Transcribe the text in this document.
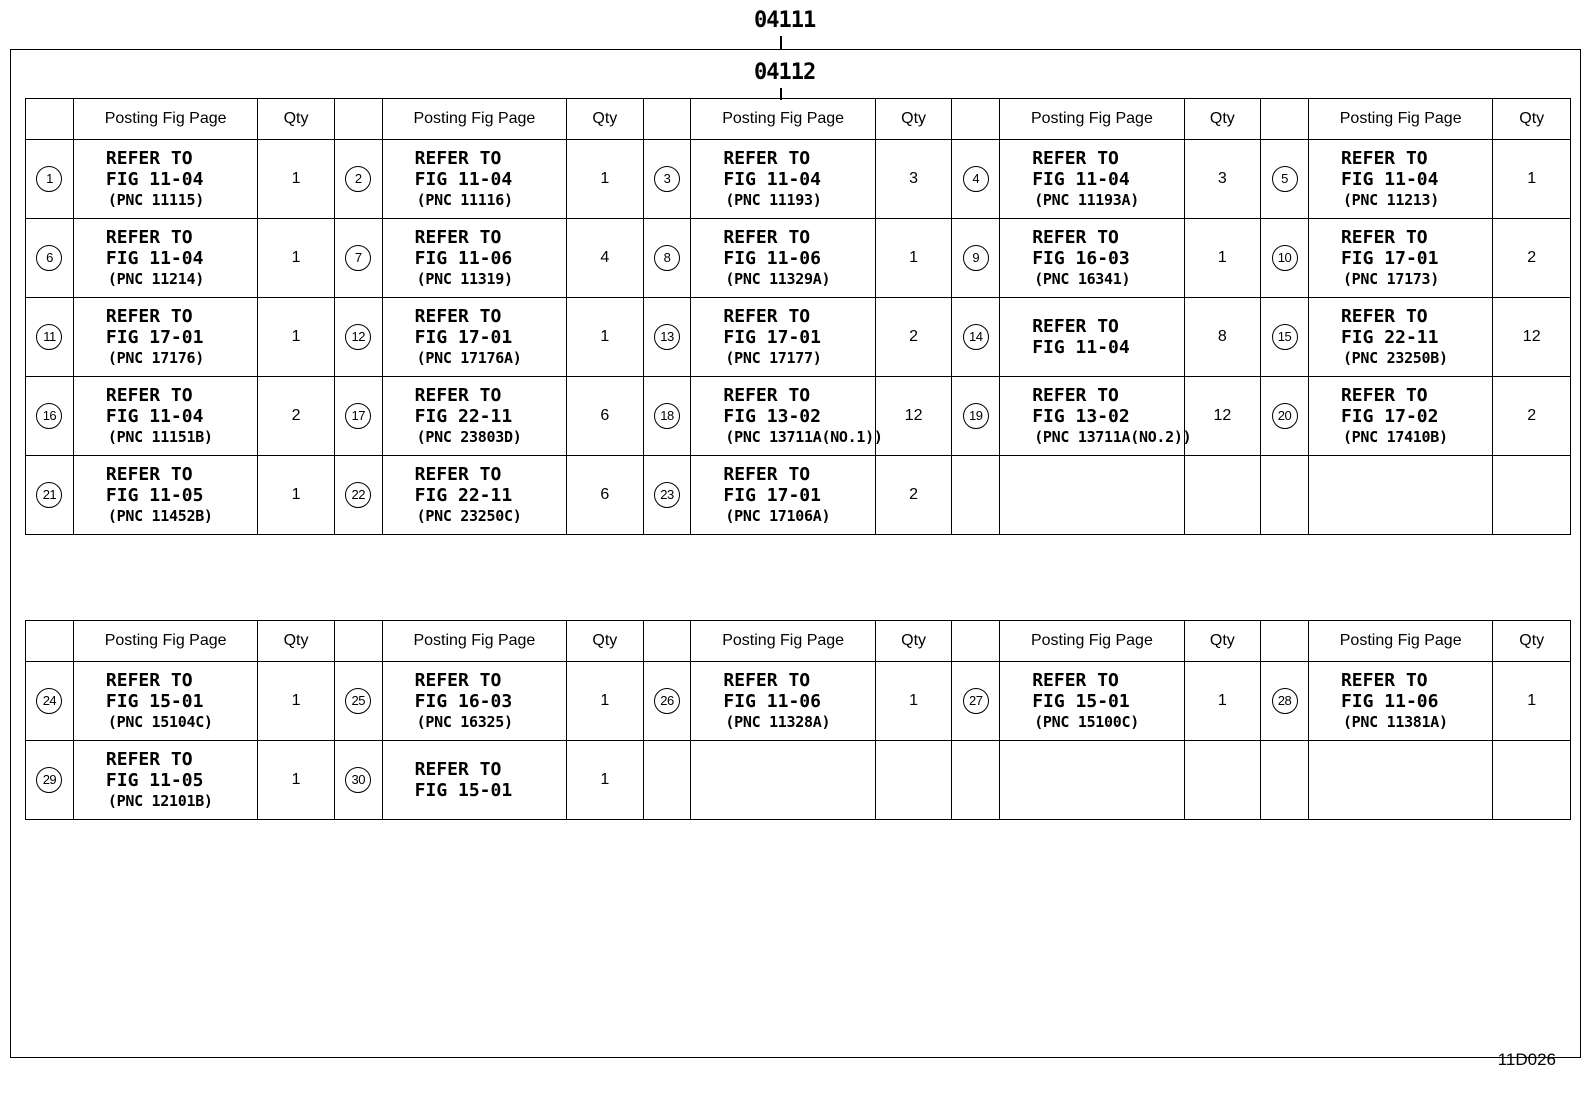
04111
04112
	Posting Fig Page	Qty		Posting Fig Page	Qty		Posting Fig Page	Qty		Posting Fig Page	Qty		Posting Fig Page	Qty
1	REFER TO
FIG 11-04
(PNC 11115)	1	2	REFER TO
FIG 11-04
(PNC 11116)	1	3	REFER TO
FIG 11-04
(PNC 11193)	3	4	REFER TO
FIG 11-04
(PNC 11193A)	3	5	REFER TO
FIG 11-04
(PNC 11213)	1
6	REFER TO
FIG 11-04
(PNC 11214)	1	7	REFER TO
FIG 11-06
(PNC 11319)	4	8	REFER TO
FIG 11-06
(PNC 11329A)	1	9	REFER TO
FIG 16-03
(PNC 16341)	1	10	REFER TO
FIG 17-01
(PNC 17173)	2
11	REFER TO
FIG 17-01
(PNC 17176)	1	12	REFER TO
FIG 17-01
(PNC 17176A)	1	13	REFER TO
FIG 17-01
(PNC 17177)	2	14	REFER TO
FIG 11-04	8	15	REFER TO
FIG 22-11
(PNC 23250B)	12
16	REFER TO
FIG 11-04
(PNC 11151B)	2	17	REFER TO
FIG 22-11
(PNC 23803D)	6	18	REFER TO
FIG 13-02
(PNC 13711A(NO.1))	12	19	REFER TO
FIG 13-02
(PNC 13711A(NO.2))	12	20	REFER TO
FIG 17-02
(PNC 17410B)	2
21	REFER TO
FIG 11-05
(PNC 11452B)	1	22	REFER TO
FIG 22-11
(PNC 23250C)	6	23	REFER TO
FIG 17-01
(PNC 17106A)	2						
	Posting Fig Page	Qty		Posting Fig Page	Qty		Posting Fig Page	Qty		Posting Fig Page	Qty		Posting Fig Page	Qty
24	REFER TO
FIG 15-01
(PNC 15104C)	1	25	REFER TO
FIG 16-03
(PNC 16325)	1	26	REFER TO
FIG 11-06
(PNC 11328A)	1	27	REFER TO
FIG 15-01
(PNC 15100C)	1	28	REFER TO
FIG 11-06
(PNC 11381A)	1
29	REFER TO
FIG 11-05
(PNC 12101B)	1	30	REFER TO
FIG 15-01	1									
11D026
